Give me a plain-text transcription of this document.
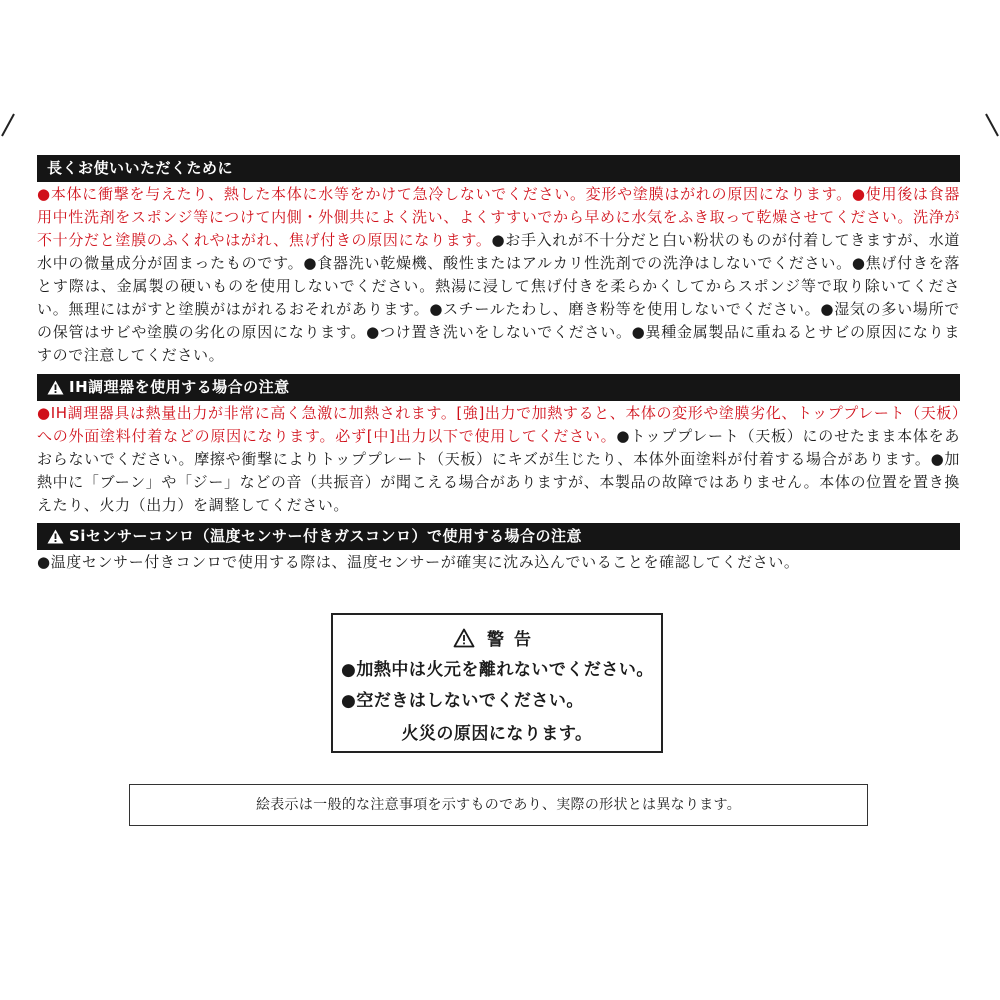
長くお使いいただくために
●本体に衝撃を与えたり、熱した本体に水等をかけて急冷しないでください。変形や塗膜はがれの原因になります。●使用後は食器用中性洗剤をスポンジ等につけて内側・外側共によく洗い、よくすすいでから早めに水気をふき取って乾燥させてください。洗浄が不十分だと塗膜のふくれやはがれ、焦げ付きの原因になります。●お手入れが不十分だと白い粉状のものが付着してきますが、水道水中の微量成分が固まったものです。●食器洗い乾燥機、酸性またはアルカリ性洗剤での洗浄はしないでください。●焦げ付きを落とす際は、金属製の硬いものを使用しないでください。熱湯に浸して焦げ付きを柔らかくしてからスポンジ等で取り除いてください。無理にはがすと塗膜がはがれるおそれがあります。●スチールたわし、磨き粉等を使用しないでください。●湿気の多い場所での保管はサビや塗膜の劣化の原因になります。●つけ置き洗いをしないでください。●異種金属製品に重ねるとサビの原因になりますので注意してください。
IH調理器を使用する場合の注意
●IH調理器具は熱量出力が非常に高く急激に加熱されます。[強]出力で加熱すると、本体の変形や塗膜劣化、トッププレート（天板）への外面塗料付着などの原因になります。必ず[中]出力以下で使用してください。●トッププレート（天板）にのせたまま本体をあおらないでください。摩擦や衝撃によりトッププレート（天板）にキズが生じたり、本体外面塗料が付着する場合があります。●加熱中に「ブーン」や「ジー」などの音（共振音）が聞こえる場合がありますが、本製品の故障ではありません。本体の位置を置き換えたり、火力（出力）を調整してください。
Siセンサーコンロ（温度センサー付きガスコンロ）で使用する場合の注意
●温度センサー付きコンロで使用する際は、温度センサーが確実に沈み込んでいることを確認してください。
警告
●加熱中は火元を離れないでください。
●空だきはしないでください。
火災の原因になります。
絵表示は一般的な注意事項を示すものであり、実際の形状とは異なります。
